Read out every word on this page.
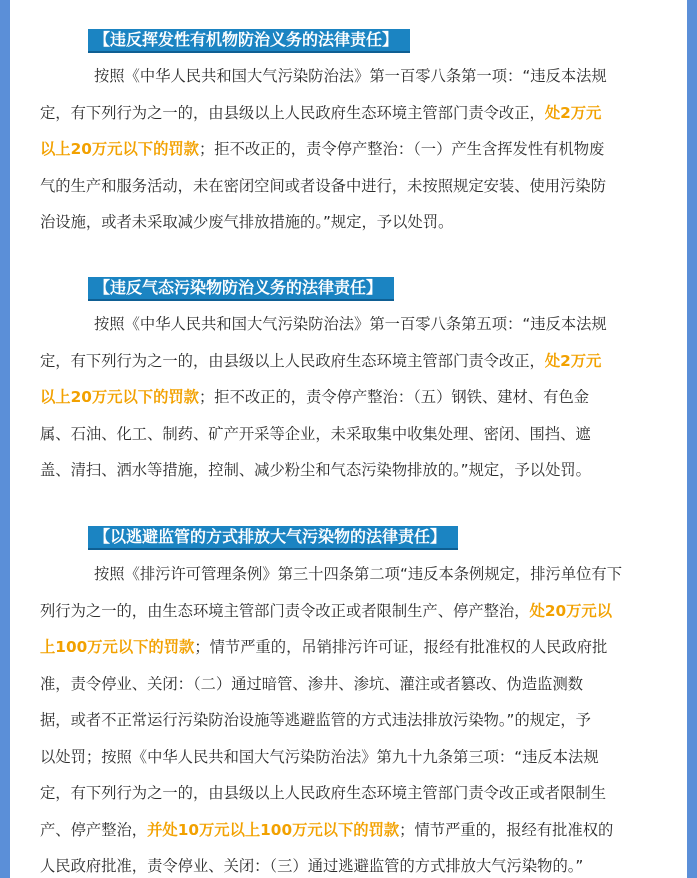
【违反挥发性有机物防治义务的法律责任】
按照《中华人民共和国大气污染防治法》第一百零八条第一项：“违反本法规
定，有下列行为之一的，由县级以上人民政府生态环境主管部门责令改正，处2万元
以上20万元以下的罚款；拒不改正的，责令停产整治：（一）产生含挥发性有机物废
气的生产和服务活动，未在密闭空间或者设备中进行，未按照规定安装、使用污染防
治设施，或者未采取减少废气排放措施的。”规定，予以处罚。
【违反气态污染物防治义务的法律责任】
按照《中华人民共和国大气污染防治法》第一百零八条第五项：“违反本法规
定，有下列行为之一的，由县级以上人民政府生态环境主管部门责令改正，处2万元
以上20万元以下的罚款；拒不改正的，责令停产整治：（五）钢铁、建材、有色金
属、石油、化工、制药、矿产开采等企业，未采取集中收集处理、密闭、围挡、遮
盖、清扫、洒水等措施，控制、减少粉尘和气态污染物排放的。”规定，予以处罚。
【以逃避监管的方式排放大气污染物的法律责任】
按照《排污许可管理条例》第三十四条第二项“违反本条例规定，排污单位有下
列行为之一的，由生态环境主管部门责令改正或者限制生产、停产整治，处20万元以
上100万元以下的罚款；情节严重的，吊销排污许可证，报经有批准权的人民政府批
准，责令停业、关闭：（二）通过暗管、渗井、渗坑、灌注或者篡改、伪造监测数
据，或者不正常运行污染防治设施等逃避监管的方式违法排放污染物。”的规定，予
以处罚；按照《中华人民共和国大气污染防治法》第九十九条第三项：“违反本法规
定，有下列行为之一的，由县级以上人民政府生态环境主管部门责令改正或者限制生
产、停产整治，并处10万元以上100万元以下的罚款；情节严重的，报经有批准权的
人民政府批准，责令停业、关闭：（三）通过逃避监管的方式排放大气污染物的。”
